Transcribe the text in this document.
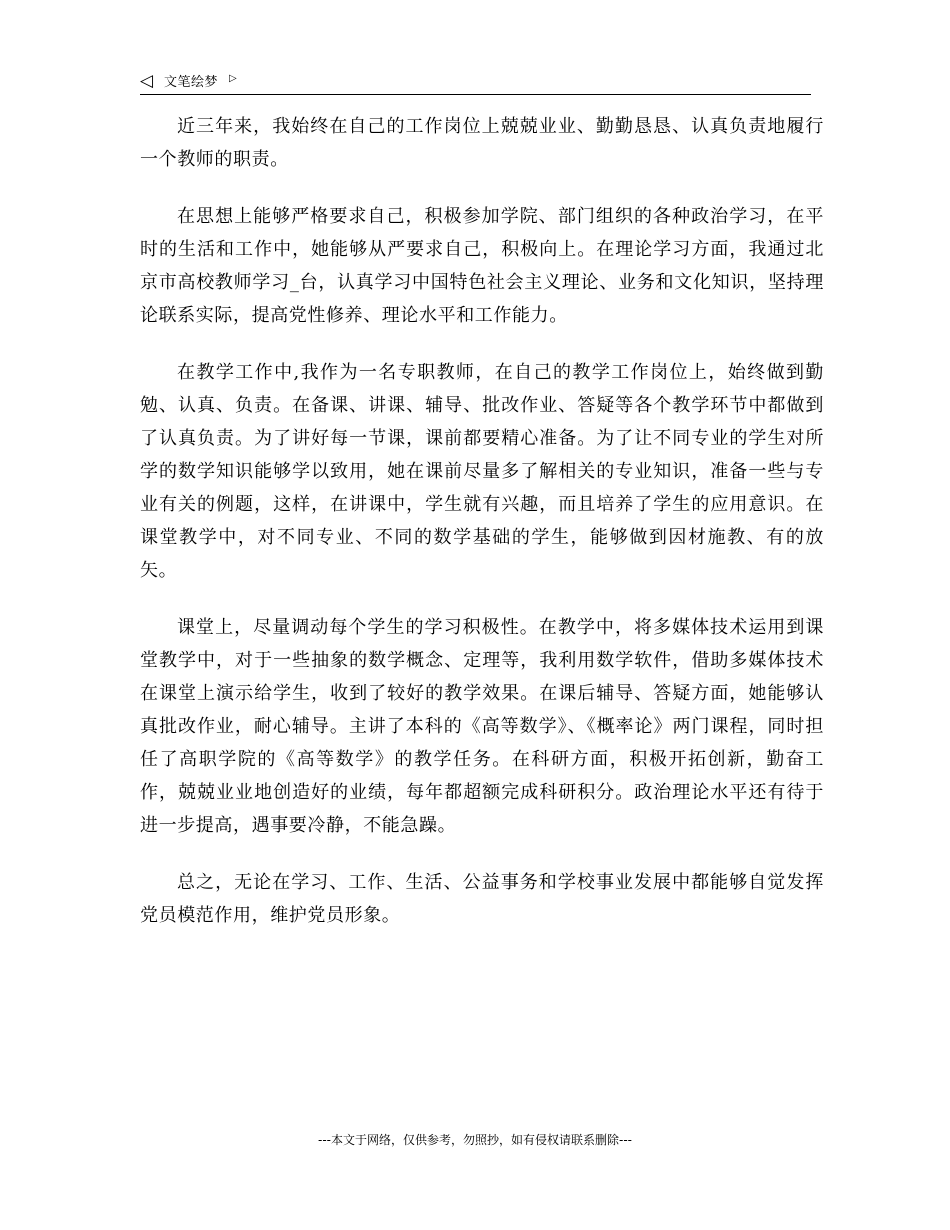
◁ 文笔绘梦 ▷

近三年来，我始终在自己的工作岗位上兢兢业业、勤勤恳恳、认真负责地履行一个教师的职责。

在思想上能够严格要求自己，积极参加学院、部门组织的各种政治学习，在平时的生活和工作中，她能够从严要求自己，积极向上。在理论学习方面，我通过北京市高校教师学习_台，认真学习中国特色社会主义理论、业务和文化知识，坚持理论联系实际，提高党性修养、理论水平和工作能力。

在教学工作中,我作为一名专职教师，在自己的教学工作岗位上，始终做到勤勉、认真、负责。在备课、讲课、辅导、批改作业、答疑等各个教学环节中都做到了认真负责。为了讲好每一节课，课前都要精心准备。为了让不同专业的学生对所学的数学知识能够学以致用，她在课前尽量多了解相关的专业知识，准备一些与专业有关的例题，这样，在讲课中，学生就有兴趣，而且培养了学生的应用意识。在课堂教学中，对不同专业、不同的数学基础的学生，能够做到因材施教、有的放矢。

课堂上，尽量调动每个学生的学习积极性。在教学中，将多媒体技术运用到课堂教学中，对于一些抽象的数学概念、定理等，我利用数学软件，借助多媒体技术在课堂上演示给学生，收到了较好的教学效果。在课后辅导、答疑方面，她能够认真批改作业，耐心辅导。主讲了本科的《高等数学》、《概率论》两门课程，同时担任了高职学院的《高等数学》的教学任务。在科研方面，积极开拓创新，勤奋工作，兢兢业业地创造好的业绩，每年都超额完成科研积分。政治理论水平还有待于进一步提高，遇事要冷静，不能急躁。

总之，无论在学习、工作、生活、公益事务和学校事业发展中都能够自觉发挥党员模范作用，维护党员形象。

---本文于网络，仅供参考，勿照抄，如有侵权请联系删除---
